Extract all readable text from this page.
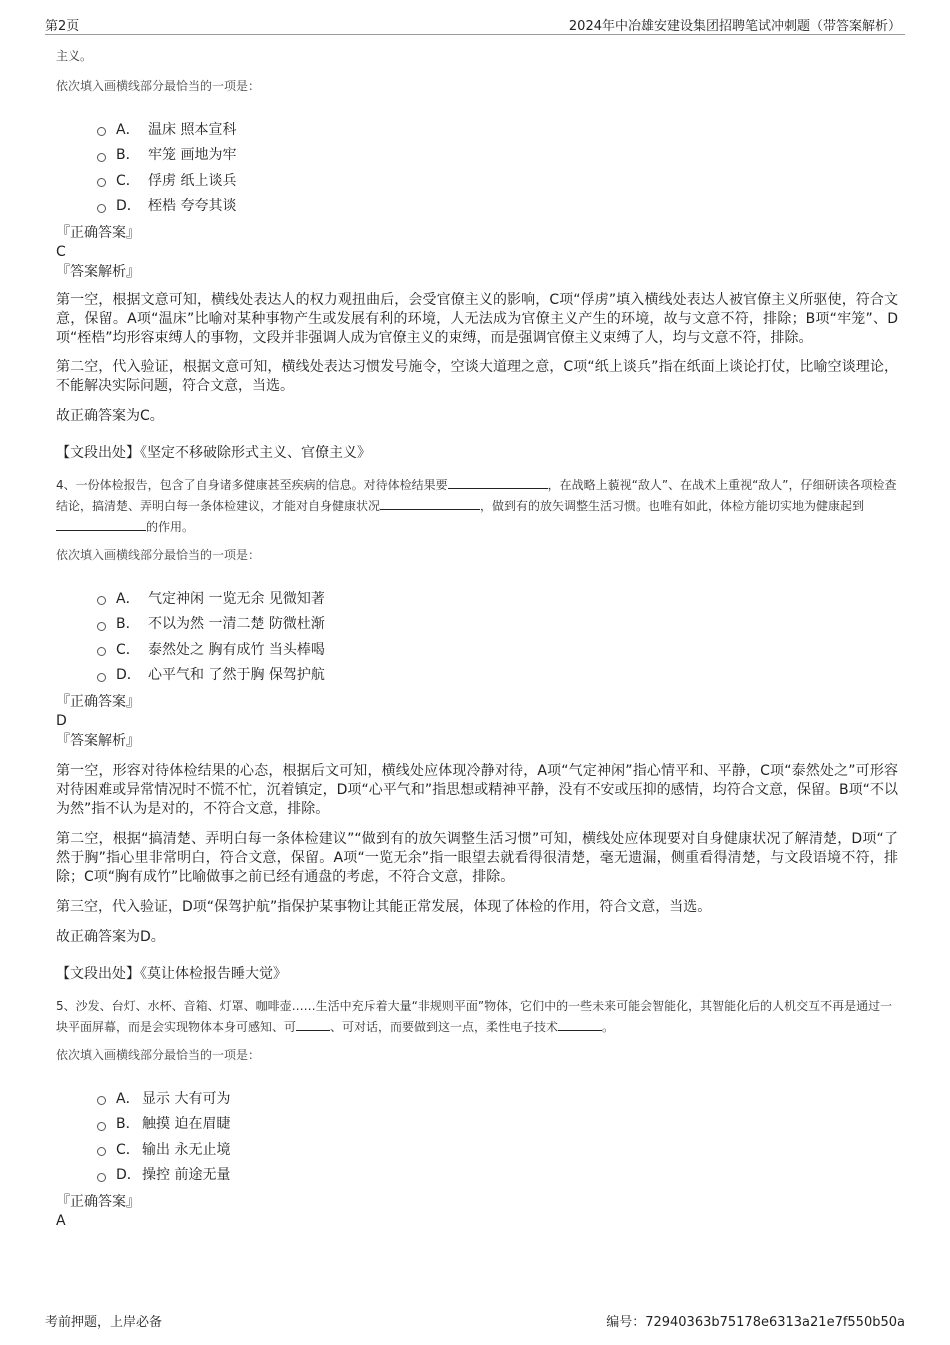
第2页	2024年中冶雄安建设集团招聘笔试冲刺题（带答案解析）
主义。
依次填入画横线部分最恰当的一项是：
A． 温床 照本宣科
B． 牢笼 画地为牢
C． 俘虏 纸上谈兵
D． 桎梏 夸夸其谈
『正确答案』
C
『答案解析』
第一空，根据文意可知，横线处表达人的权力观扭曲后，会受官僚主义的影响，C项“俘虏”填入横线处表达人被官僚主义所驱使，符合文意，保留。A项“温床”比喻对某种事物产生或发展有利的环境，人无法成为官僚主义产生的环境，故与文意不符，排除；B项“牢笼”、D项“桎梏”均形容束缚人的事物，文段并非强调人成为官僚主义的束缚，而是强调官僚主义束缚了人，均与文意不符，排除。
第二空，代入验证，根据文意可知，横线处表达习惯发号施令，空谈大道理之意，C项“纸上谈兵”指在纸面上谈论打仗，比喻空谈理论，不能解决实际问题，符合文意，当选。
故正确答案为C。
【文段出处】《坚定不移破除形式主义、官僚主义》
4、一份体检报告，包含了自身诸多健康甚至疾病的信息。对待体检结果要	，在战略上藐视“敌人”、在战术上重视“敌人”，仔细研读各项检查结论，搞清楚、弄明白每一条体检建议，才能对自身健康状况	，做到有的放矢调整生活习惯。也唯有如此，体检方能切实地为健康起到的作用。
依次填入画横线部分最恰当的一项是：
A． 气定神闲 一览无余 见微知著
B． 不以为然 一清二楚 防微杜渐
C． 泰然处之 胸有成竹 当头棒喝
D． 心平气和 了然于胸 保驾护航
『正确答案』
D
『答案解析』
第一空，形容对待体检结果的心态，根据后文可知，横线处应体现冷静对待，A项“气定神闲”指心情平和、平静，C项“泰然处之”可形容对待困难或异常情况时不慌不忙，沉着镇定，D项“心平气和”指思想或精神平静，没有不安或压抑的感情，均符合文意，保留。B项“不以为然”指不认为是对的，不符合文意，排除。
第二空，根据“搞清楚、弄明白每一条体检建议”“做到有的放矢调整生活习惯”可知，横线处应体现要对自身健康状况了解清楚，D项“了然于胸”指心里非常明白，符合文意，保留。A项“一览无余”指一眼望去就看得很清楚，毫无遗漏，侧重看得清楚，与文段语境不符，排除；C项“胸有成竹”比喻做事之前已经有通盘的考虑，不符合文意，排除。
第三空，代入验证，D项“保驾护航”指保护某事物让其能正常发展，体现了体检的作用，符合文意，当选。
故正确答案为D。
【文段出处】《莫让体检报告睡大觉》
5、沙发、台灯、水杯、音箱、灯罩、咖啡壶……生活中充斥着大量“非规则平面”物体，它们中的一些未来可能会智能化，其智能化后的人机交互不再是通过一块平面屏幕，而是会实现物体本身可感知、可	、可对话，而要做到这一点，柔性电子技术	。
依次填入画横线部分最恰当的一项是：
A． 显示 大有可为
B． 触摸 迫在眉睫
C． 输出 永无止境
D． 操控 前途无量
『正确答案』
A
考前押题，上岸必备	编号：72940363b75178e6313a21e7f550b50a
